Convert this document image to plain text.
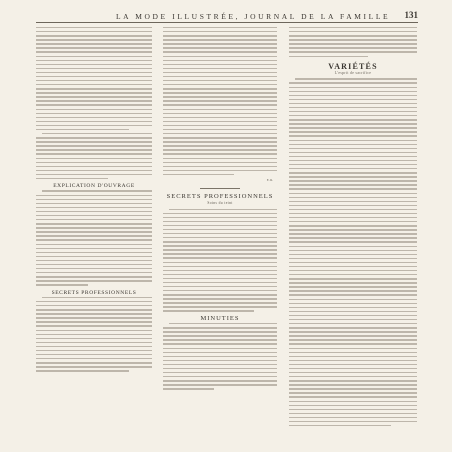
LA MODE ILLUSTRÉE, JOURNAL DE LA FAMILLE 131
EXPLICATION D'OUVRAGE
SECRETS PROFESSIONNELS
E. R.
SECRETS PROFESSIONNELS
Soins du teint
MINUTIES
VARIÉTÉS
L'esprit de sacrifice
